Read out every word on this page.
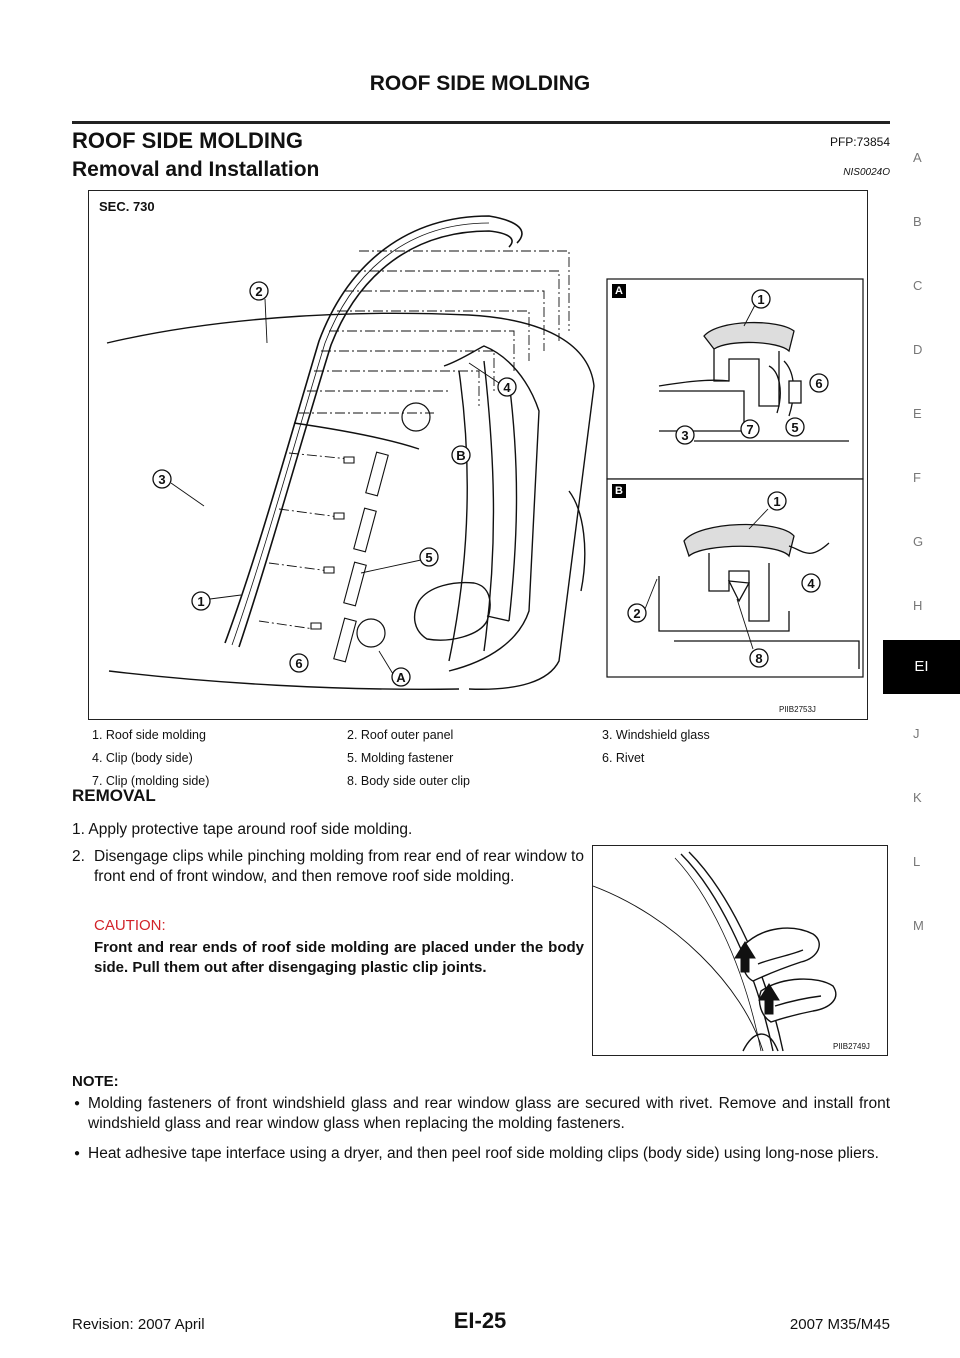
ROOF SIDE MOLDING
ROOF SIDE MOLDING	PFP:73854
Removal and Installation	NIS0024O
2
3
1
4
B
5
6
A
1
6
5
7
3
1
4
2
8
SEC. 730
A
B
PIIB2753J
1. Roof side molding	2. Roof outer panel	3. Windshield glass
4. Clip (body side)	5. Molding fastener	6. Rivet
7. Clip (molding side)	8. Body side outer clip
REMOVAL
1. Apply protective tape around roof side molding.
2. Disengage clips while pinching molding from rear end of rear window to front end of front window, and then remove roof side molding.
CAUTION:
Front and rear ends of roof side molding are placed under the body side. Pull them out after disengaging plastic clip joints.
PIIB2749J
NOTE:
● Molding fasteners of front windshield glass and rear window glass are secured with rivet. Remove and install front windshield glass and rear window glass when replacing the molding fasteners.
● Heat adhesive tape interface using a dryer, and then peel roof side molding clips (body side) using long-nose pliers.
A
B
C
D
E
F
G
H
EI
J
K
L
M
Revision: 2007 April	EI-25	2007 M35/M45
